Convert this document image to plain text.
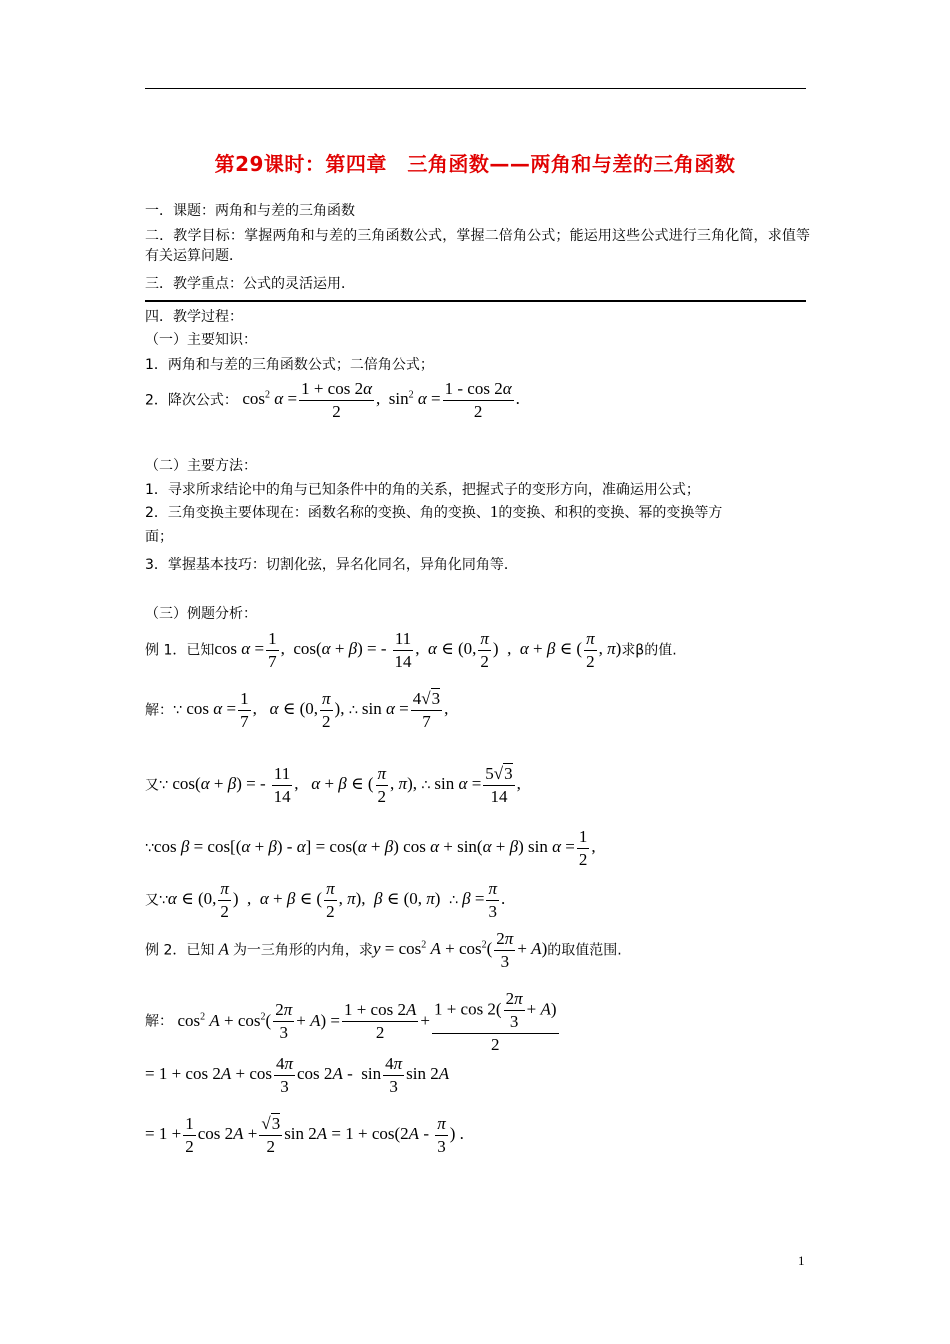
第29课时：第四章　三角函数——两角和与差的三角函数
一．课题：两角和与差的三角函数
二．教学目标：掌握两角和与差的三角函数公式，掌握二倍角公式；能运用这些公式进行三角化简，求值等有关运算问题．
三．教学重点：公式的灵活运用．
四．教学过程：
（一）主要知识：
1．两角和与差的三角函数公式；二倍角公式；
2．降次公式： $\cos^2 \alpha = \frac{1 + \cos 2\alpha}{2}$ ,  $\sin^2 \alpha = \frac{1 - \cos 2\alpha}{2}$ .
（二）主要方法：
1．寻求所求结论中的角与已知条件中的角的关系，把握式子的变形方向，准确运用公式；
2．三角变换主要体现在：函数名称的变换、角的变换、1的变换、和积的变换、幂的变换等方
面；
3．掌握基本技巧：切割化弦，异名化同名，异角化同角等．
（三）例题分析：
例 1．已知$\cos \alpha = \frac{1}{7}$ ,  cos(α + β) = - $\frac{11}{14}$ ,  α ∈ (0, $\frac{\pi}{2}$ )  ,  α + β ∈ ( $\frac{\pi}{2}$ , π)求β的值.
解：∵ $\cos \alpha = \frac{1}{7}$ ,   α ∈ (0, $\frac{\pi}{2}$ ), ∴ $\sin \alpha = \frac{4√3}{7}$ ,
又∵ cos(α + β) = - $\frac{11}{14}$ ,   α + β ∈ ( $\frac{\pi}{2}$ , π), ∴ $\sin \alpha = \frac{5√3}{14}$ ,
∵cos β = cos[(α + β) - α] = cos(α + β) cos α + sin(α + β) $\sin \alpha = \frac{1}{2}$ ,
又∵α ∈ (0, $\frac{\pi}{2}$ )  ,  α + β ∈ ( $\frac{\pi}{2}$ , π),  β ∈ (0, π)  ∴ $\beta = \frac{\pi}{3}$ .
例 2．已知 A 为一三角形的内角，求$y = \cos^2 A + \cos^2( \frac{2\pi}{3} + A)$的取值范围.
解： $\cos^2 A + \cos^2( \frac{2\pi}{3} + A) = \frac{1 + \cos 2A}{2} + \frac{1 + \cos 2( \frac{2\pi}{3} + A)}{2}$
= $1 + \cos 2A + \cos \frac{4\pi}{3}$ $\cos 2A - \sin \frac{4\pi}{3}$ sin 2A
= $1 + \frac{1}{2}$ $\cos 2A + \frac{√3}{2}$ $\sin 2A = 1 + \cos(2A - \frac{\pi}{3}$ ) .
1
